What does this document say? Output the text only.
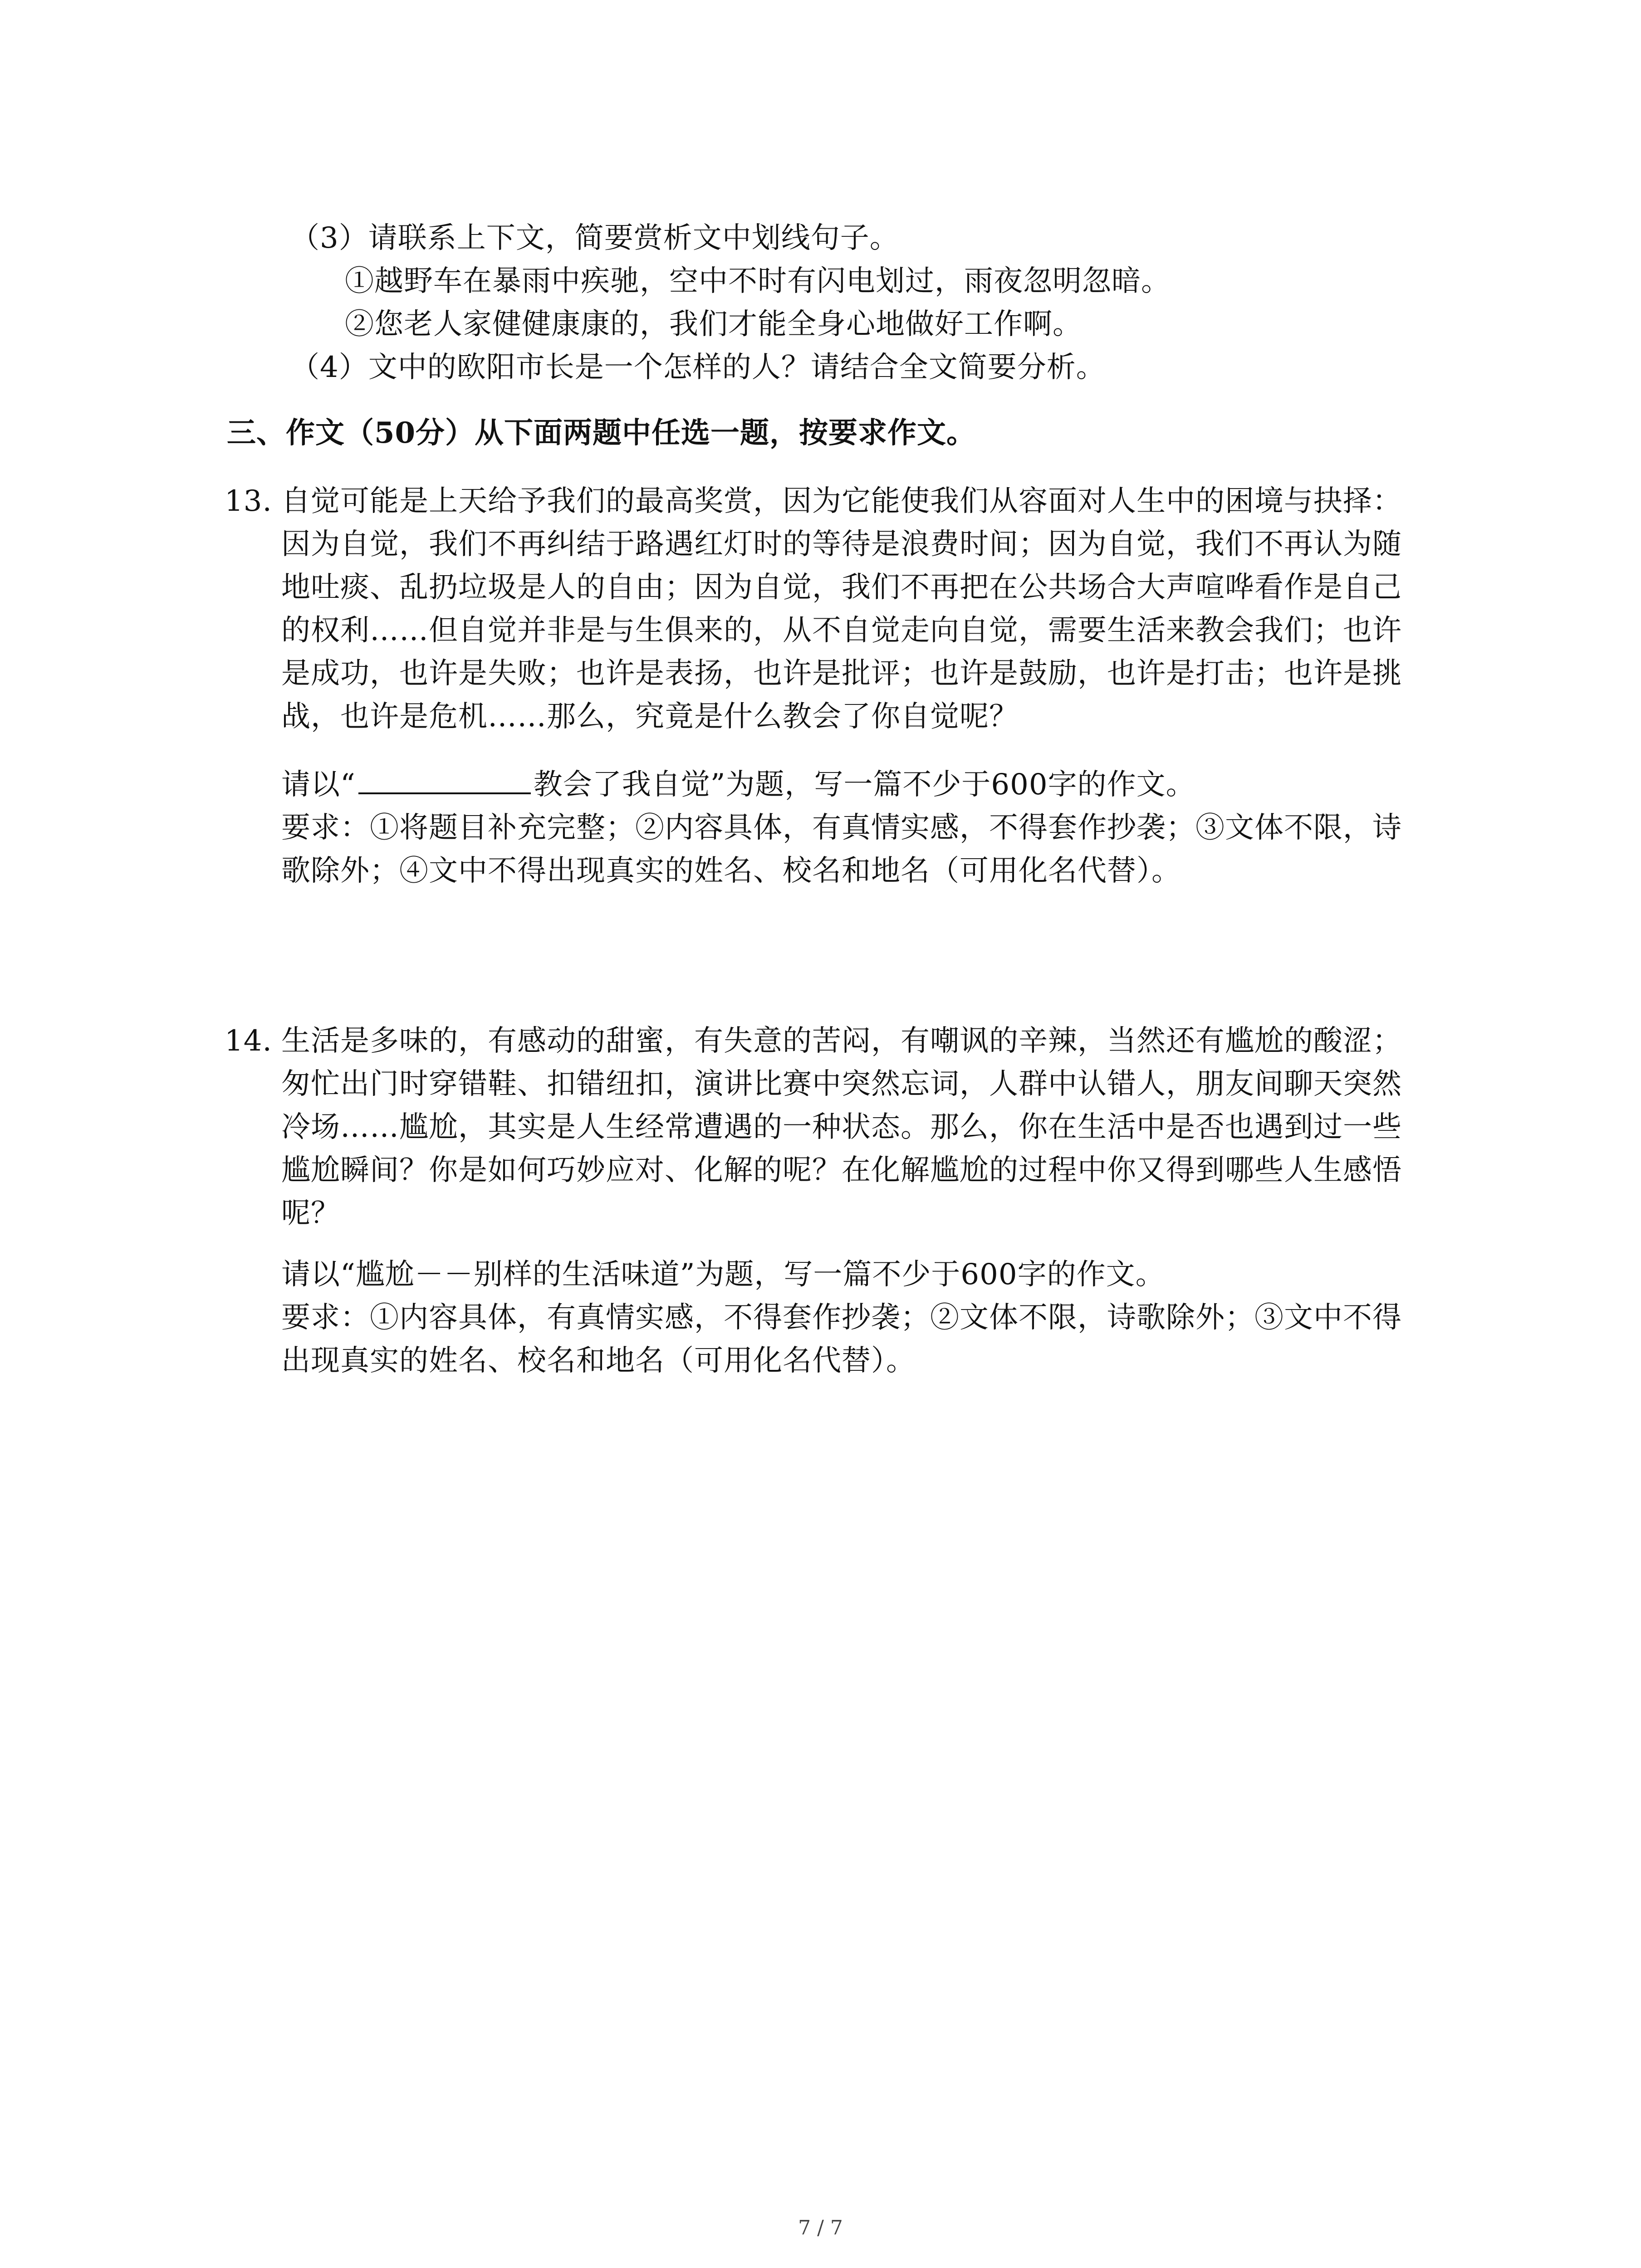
（3）请联系上下文，简要赏析文中划线句子。
①越野车在暴雨中疾驰，空中不时有闪电划过，雨夜忽明忽暗。
②您老人家健健康康的，我们才能全身心地做好工作啊。
（4）文中的欧阳市长是一个怎样的人？请结合全文简要分析。
三、作文（50分）从下面两题中任选一题，按要求作文。
13. 自觉可能是上天给予我们的最高奖赏，因为它能使我们从容面对人生中的困境与抉择：
因为自觉，我们不再纠结于路遇红灯时的等待是浪费时间；因为自觉，我们不再认为随
地吐痰、乱扔垃圾是人的自由；因为自觉，我们不再把在公共场合大声喧哗看作是自己
的权利……但自觉并非是与生俱来的，从不自觉走向自觉，需要生活来教会我们；也许
是成功，也许是失败；也许是表扬，也许是批评；也许是鼓励，也许是打击；也许是挑
战，也许是危机……那么，究竟是什么教会了你自觉呢？
请以“	教会了我自觉”为题，写一篇不少于600字的作文。
要求：①将题目补充完整；②内容具体，有真情实感，不得套作抄袭；③文体不限，诗
歌除外；④文中不得出现真实的姓名、校名和地名（可用化名代替）。
14. 生活是多味的，有感动的甜蜜，有失意的苦闷，有嘲讽的辛辣，当然还有尴尬的酸涩；
匆忙出门时穿错鞋、扣错纽扣，演讲比赛中突然忘词，人群中认错人，朋友间聊天突然
冷场……尴尬，其实是人生经常遭遇的一种状态。那么，你在生活中是否也遇到过一些
尴尬瞬间？你是如何巧妙应对、化解的呢？在化解尴尬的过程中你又得到哪些人生感悟
呢？
请以“尴尬－－别样的生活味道”为题，写一篇不少于600字的作文。
要求：①内容具体，有真情实感，不得套作抄袭；②文体不限，诗歌除外；③文中不得
出现真实的姓名、校名和地名（可用化名代替）。
7 / 7
